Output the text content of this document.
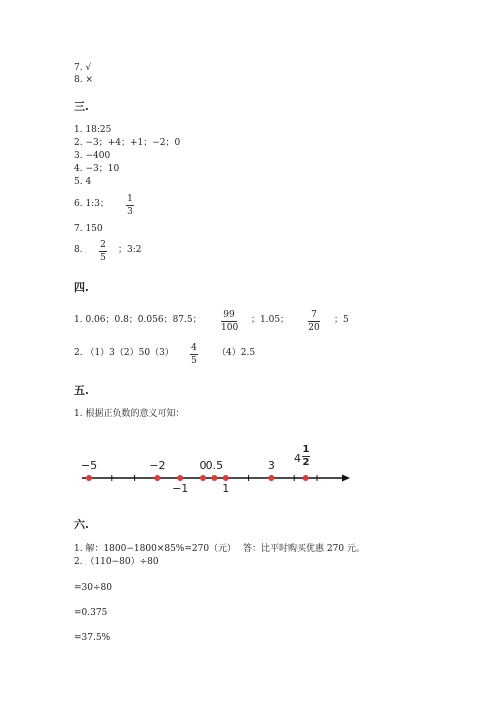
7. √
8. ×
三.
1. 18:25
2. −3；+4；+1；−2；0
3. −400
4. −3；10
5. 4
6. 1:3； 1
3
7. 150
8. 2
5
；3:2
四.
1. 0.06；0.8；0.056；87.5； 99
100
；1.05；	7
20
；5
2. （1）3（2）50（3） 4
5
（4）2.5
五.
1. 根据正负数的意义可知：
−5	−2
−1
0 0.5
1
3
1
2
4
六.
1. 解：1800−1800×85%=270（元） 答：比平时购买优惠 270 元。
2. （110−80）÷80
=30÷80
=0.375
=37.5%
